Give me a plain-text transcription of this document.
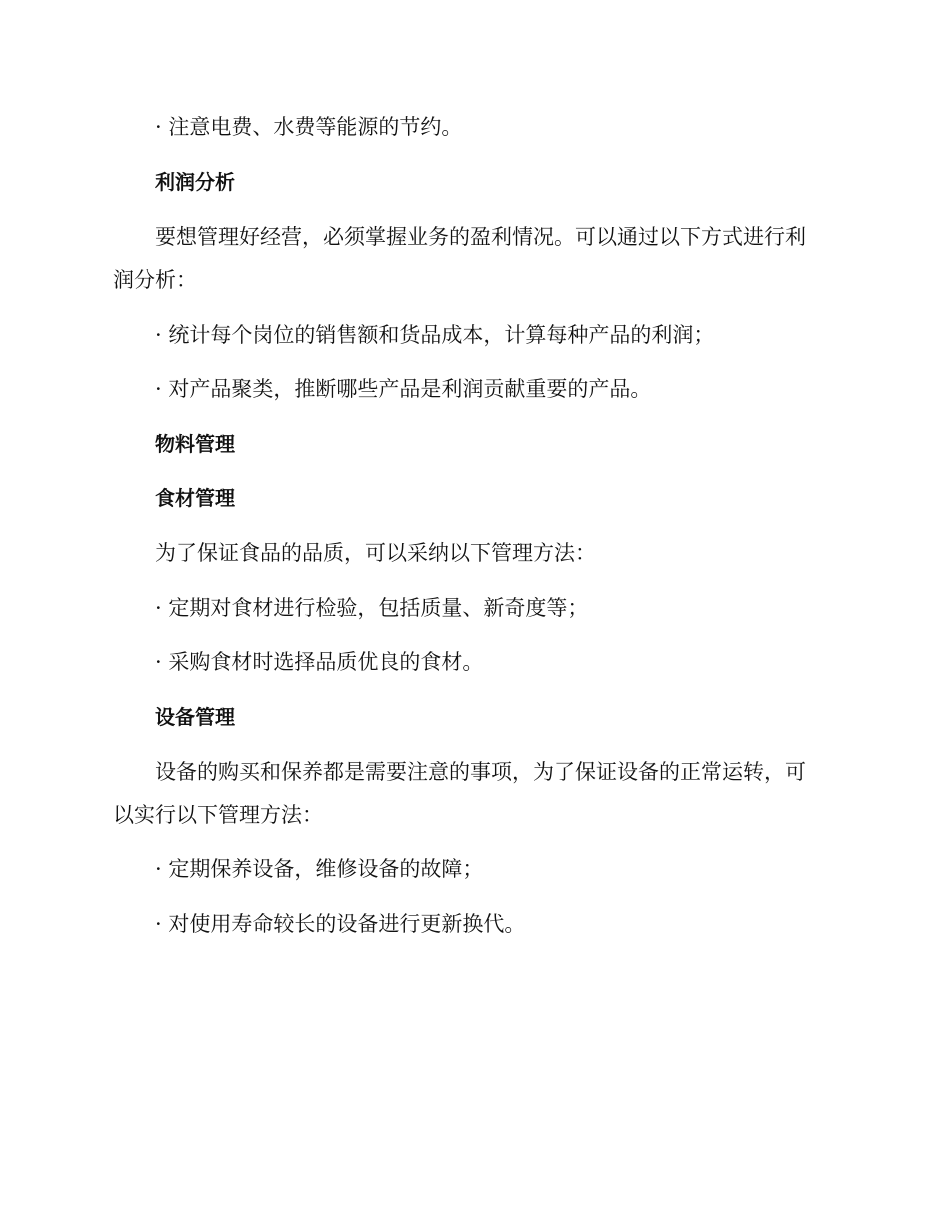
· 注意电费、水费等能源的节约。

利润分析

要想管理好经营，必须掌握业务的盈利情况。可以通过以下方式进行利

润分析：

· 统计每个岗位的销售额和货品成本，计算每种产品的利润；

· 对产品聚类，推断哪些产品是利润贡献重要的产品。

物料管理

食材管理

为了保证食品的品质，可以采纳以下管理方法：

· 定期对食材进行检验，包括质量、新奇度等；

· 采购食材时选择品质优良的食材。

设备管理

设备的购买和保养都是需要注意的事项，为了保证设备的正常运转，可

以实行以下管理方法：

· 定期保养设备，维修设备的故障；

· 对使用寿命较长的设备进行更新换代。
